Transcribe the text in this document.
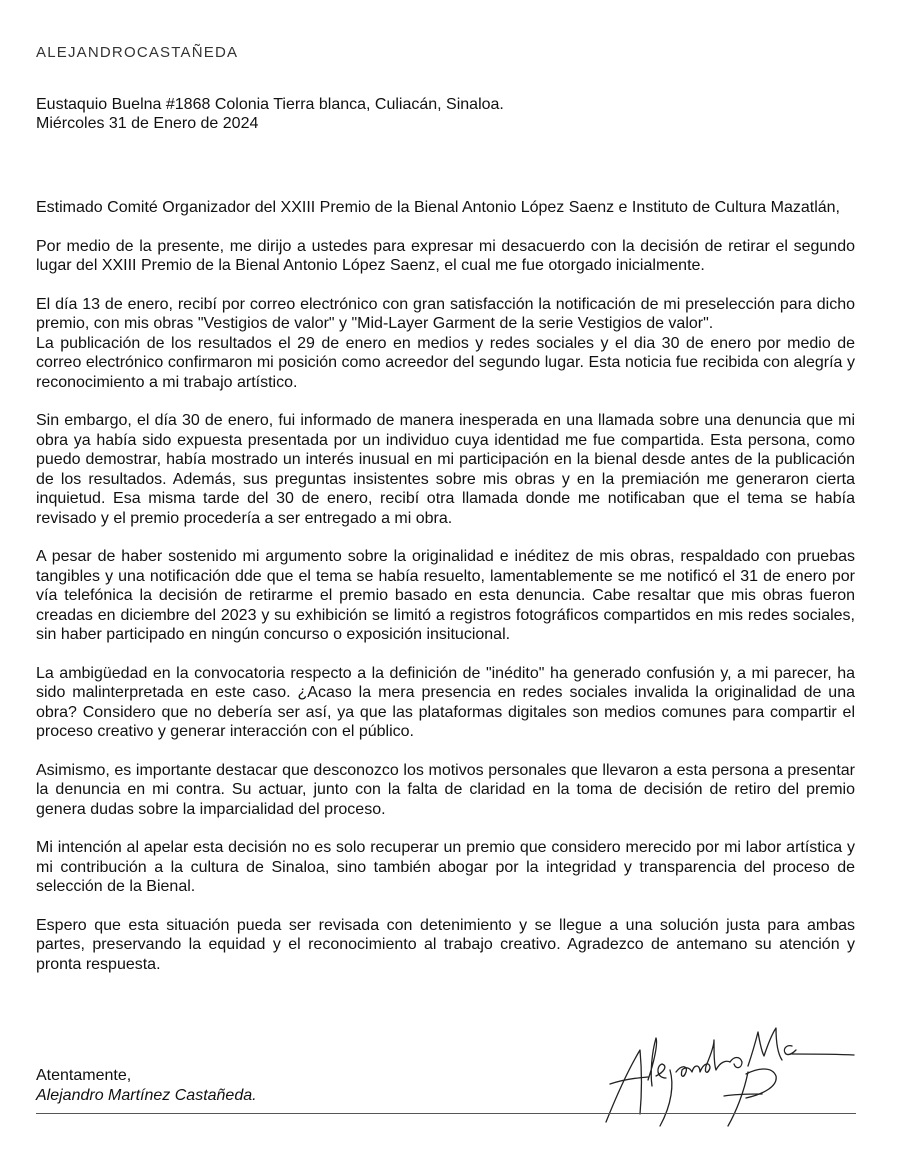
ALEJANDROCASTAÑEDA
Eustaquio Buelna #1868 Colonia Tierra blanca, Culiacán, Sinaloa.
Miércoles 31 de Enero de 2024

Estimado Comité Organizador del XXIII Premio de la Bienal Antonio López Saenz e Instituto de Cultura Mazatlán,

Por medio de la presente, me dirijo a ustedes para expresar mi desacuerdo con la decisión de retirar el segundo lugar del XXIII Premio de la Bienal Antonio López Saenz, el cual me fue otorgado inicialmente.

El día 13 de enero, recibí por correo electrónico con gran satisfacción la notificación de mi preselección para dicho premio, con mis obras "Vestigios de valor" y "Mid-Layer Garment de la serie Vestigios de valor".

La publicación de los resultados el 29 de enero en medios y redes sociales y el dia 30 de enero por medio de correo electrónico confirmaron mi posición como acreedor del segundo lugar. Esta noticia fue recibida con alegría y reconocimiento a mi trabajo artístico.

Sin embargo, el día 30 de enero, fui informado de manera inesperada en una llamada sobre una denuncia que mi obra ya había sido expuesta presentada por un individuo cuya identidad me fue compartida. Esta persona, como puedo demostrar, había mostrado un interés inusual en mi participación en la bienal desde antes de la publicación de los resultados. Además, sus preguntas insistentes sobre mis obras y en la premiación me generaron cierta inquietud. Esa misma tarde del 30 de enero, recibí otra llamada donde me notificaban que el tema se había revisado y el premio procedería a ser entregado a mi obra.

A pesar de haber sostenido mi argumento sobre la originalidad e inéditez de mis obras, respaldado con pruebas tangibles y una notificación dde que el tema se había resuelto, lamentablemente se me notificó el 31 de enero por vía telefónica la decisión de retirarme el premio basado en esta denuncia. Cabe resaltar que mis obras fueron creadas en diciembre del 2023 y su exhibición se limitó a registros fotográficos compartidos en mis redes sociales, sin haber participado en ningún concurso o exposición insitucional.

La ambigüedad en la convocatoria respecto a la definición de "inédito" ha generado confusión y, a mi parecer, ha sido malinterpretada en este caso. ¿Acaso la mera presencia en redes sociales invalida la originalidad de una obra? Considero que no debería ser así, ya que las plataformas digitales son medios comunes para compartir el proceso creativo y generar interacción con el público.

Asimismo, es importante destacar que desconozco los motivos personales que llevaron a esta persona a presentar la denuncia en mi contra. Su actuar, junto con la falta de claridad en la toma de decisión de retiro del premio genera dudas sobre la imparcialidad del proceso.

Mi intención al apelar esta decisión no es solo recuperar un premio que considero merecido por mi labor artística y mi contribución a la cultura de Sinaloa, sino también abogar por la integridad y transparencia del proceso de selección de la Bienal.

Espero que esta situación pueda ser revisada con detenimiento y se llegue a una solución justa para ambas partes, preservando la equidad y el reconocimiento al trabajo creativo. Agradezco de antemano su atención y pronta respuesta.

Atentamente,
Alejandro Martínez Castañeda.
